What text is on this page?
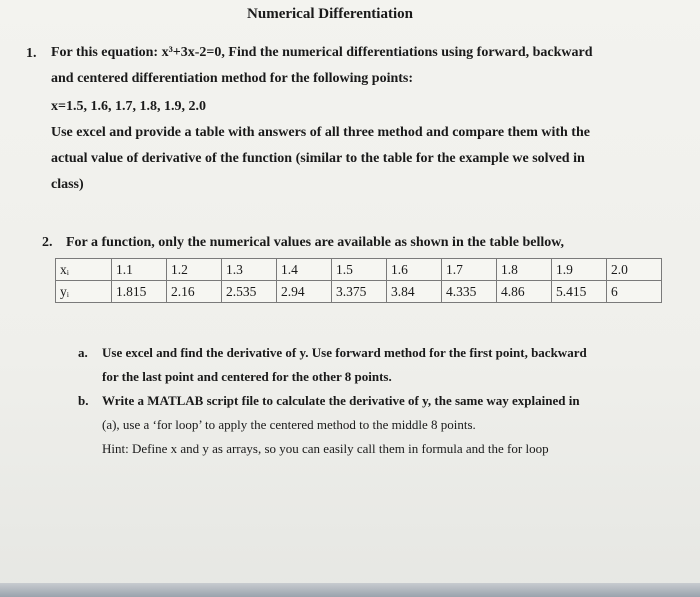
Numerical Differentiation
1. For this equation: x³+3x-2=0, Find the numerical differentiations using forward, backward

and centered differentiation method for the following points:

x=1.5, 1.6, 1.7, 1.8, 1.9, 2.0

Use excel and provide a table with answers of all three method and compare them with the

actual value of derivative of the function (similar to the table for the example we solved in

class)

2. For a function, only the numerical values are available as shown in the table bellow,
xᵢ	1.1	1.2	1.3	1.4	1.5	1.6	1.7	1.8	1.9	2.0
yᵢ	1.815	2.16	2.535	2.94	3.375	3.84	4.335	4.86	5.415	6
a.	Use excel and find the derivative of y. Use forward method for the first point, backward
for the last point and centered for the other 8 points.
b.	Write a MATLAB script file to calculate the derivative of y, the same way explained in
(a), use a ‘for loop’ to apply the centered method to the middle 8 points.
Hint: Define x and y as arrays, so you can easily call them in formula and the for loop
